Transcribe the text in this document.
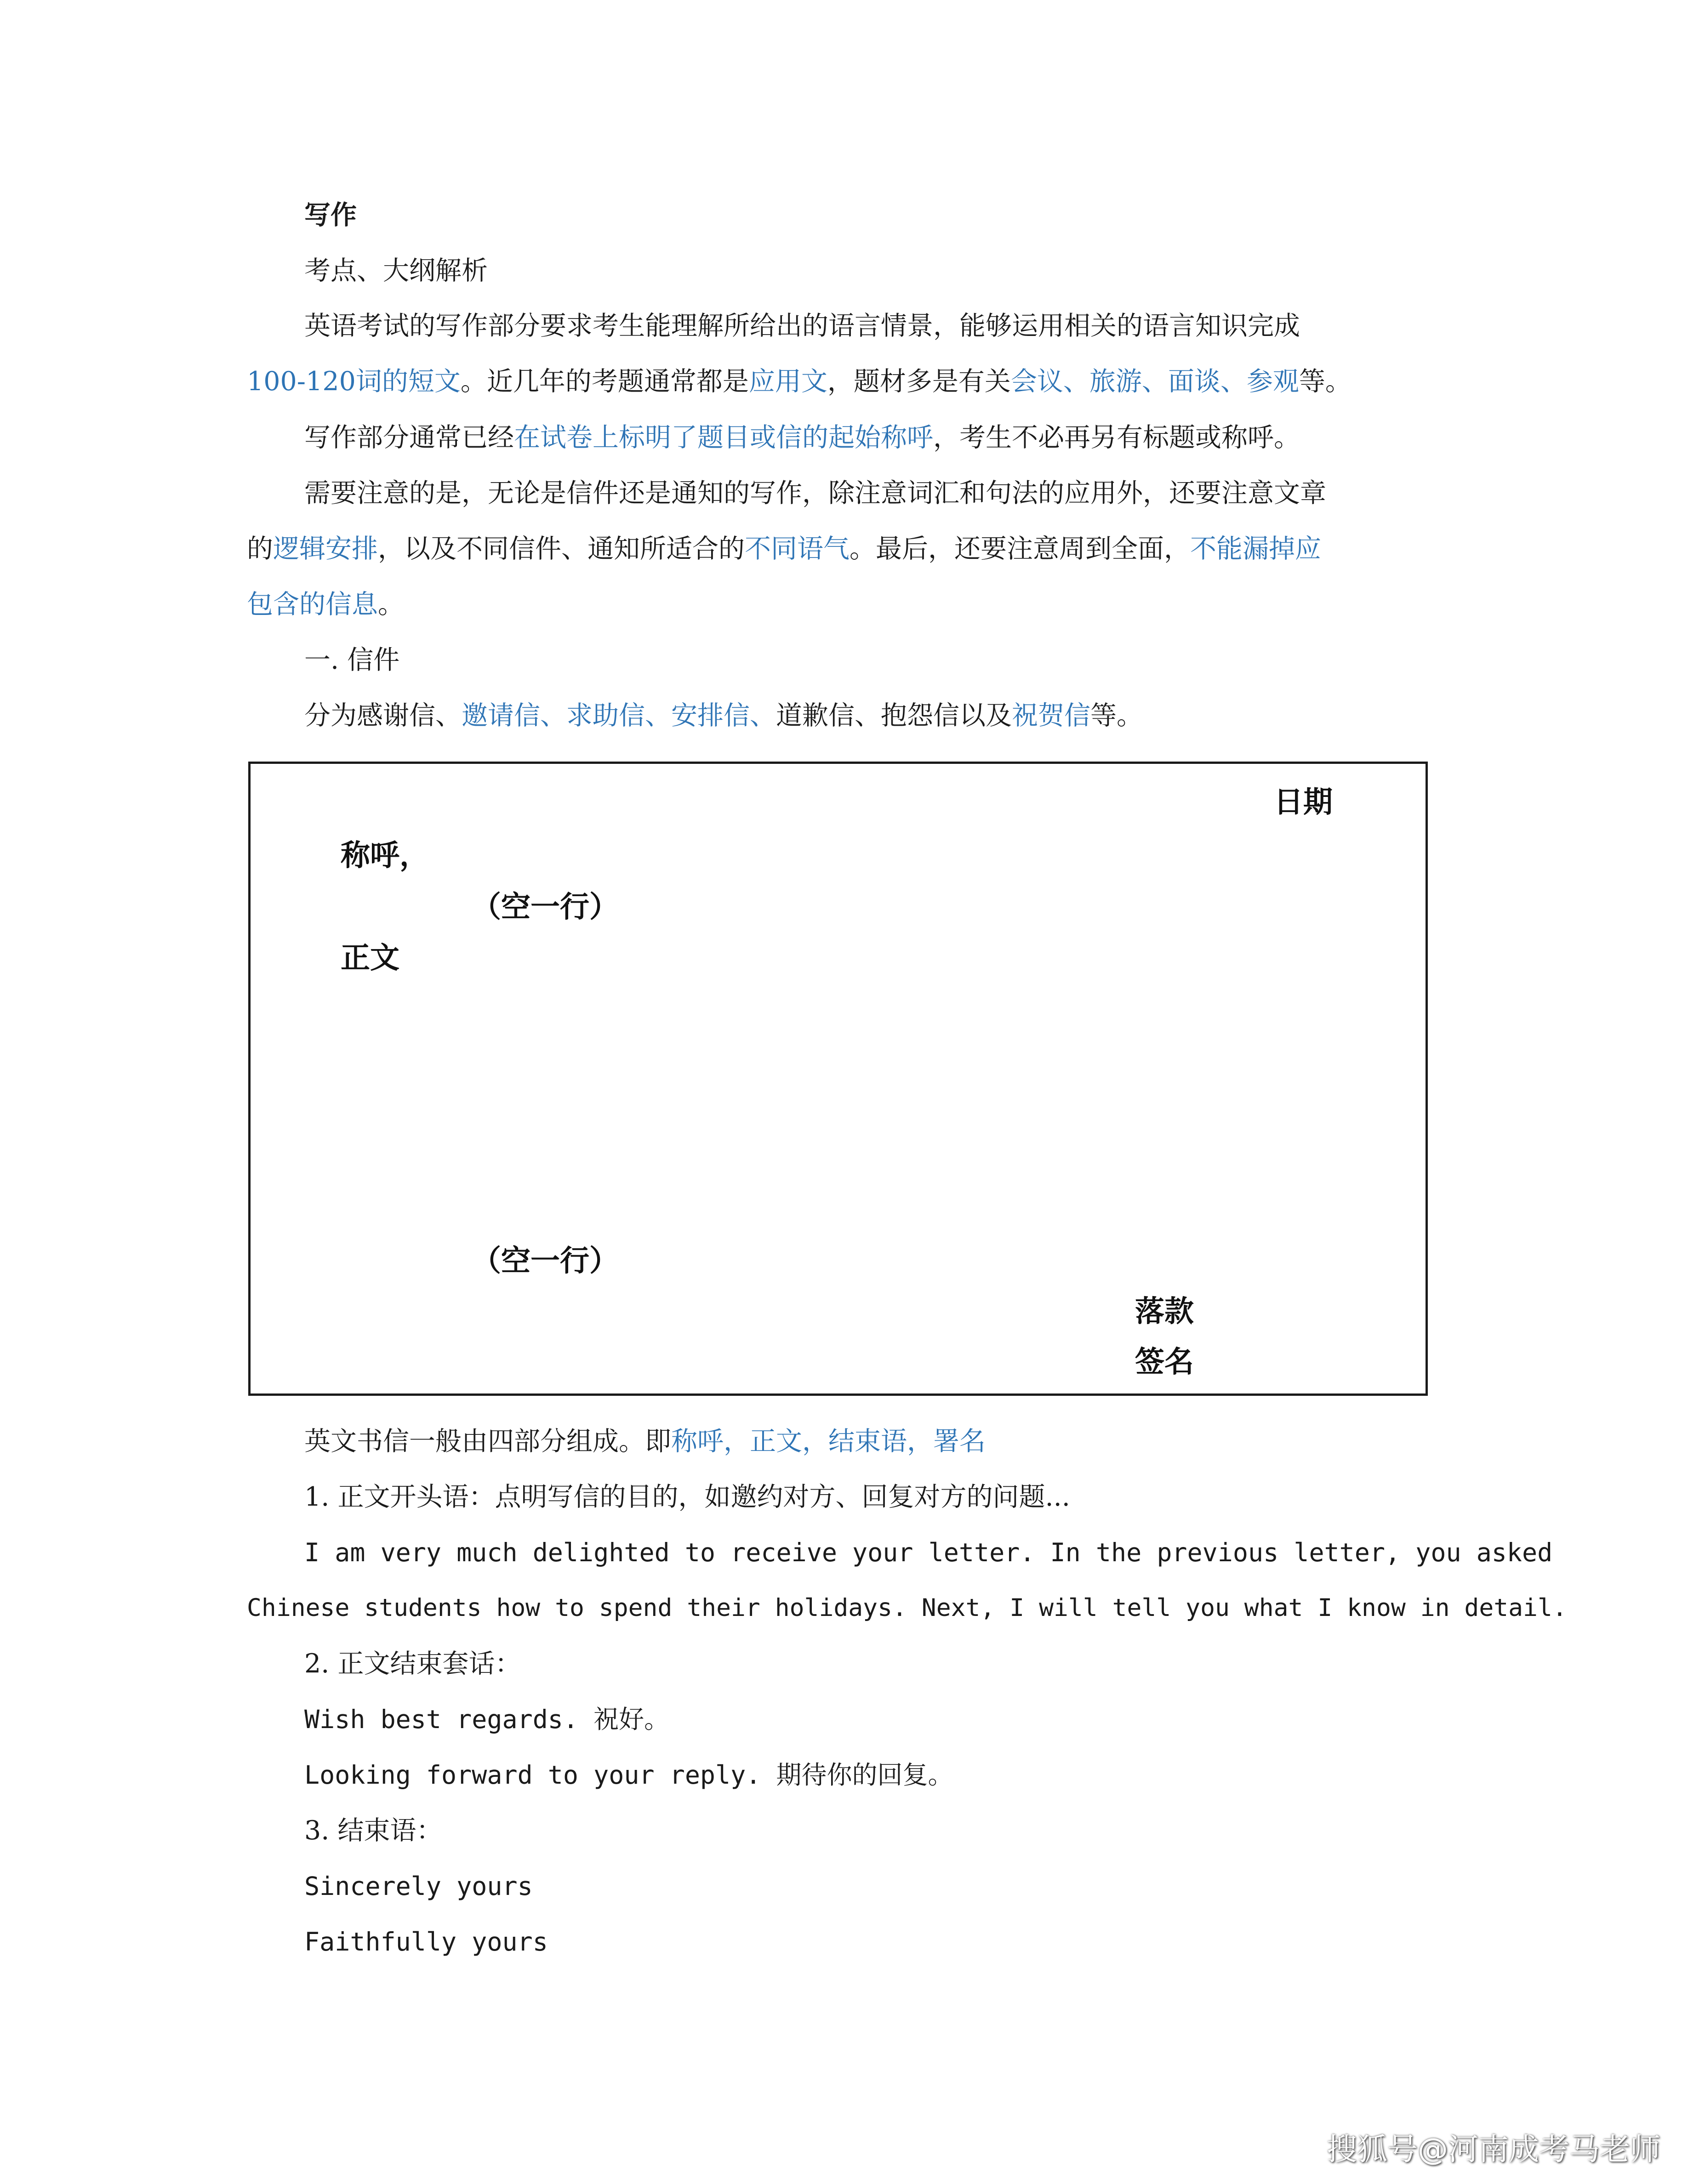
写作
考点、大纲解析
英语考试的写作部分要求考生能理解所给出的语言情景，能够运用相关的语言知识完成
100-120词的短文。近几年的考题通常都是应用文，题材多是有关会议、旅游、面谈、参观等。
写作部分通常已经在试卷上标明了题目或信的起始称呼，考生不必再另有标题或称呼。
需要注意的是，无论是信件还是通知的写作，除注意词汇和句法的应用外，还要注意文章
的逻辑安排，以及不同信件、通知所适合的不同语气。最后，还要注意周到全面，不能漏掉应
包含的信息。
一. 信件
分为感谢信、邀请信、求助信、安排信、道歉信、抱怨信以及祝贺信等。
日期
称呼，
（空一行）
正文
（空一行）
落款
签名
英文书信一般由四部分组成。即称呼，正文，结束语，署名
1. 正文开头语：点明写信的目的，如邀约对方、回复对方的问题...
I am very much delighted to receive your letter. In the previous letter, you asked
Chinese students how to spend their holidays. Next, I will tell you what I know in detail.
2. 正文结束套话：
Wish best regards. 祝好。
Looking forward to your reply. 期待你的回复。
3. 结束语：
Sincerely yours
Faithfully yours
搜狐号@河南成考马老师
